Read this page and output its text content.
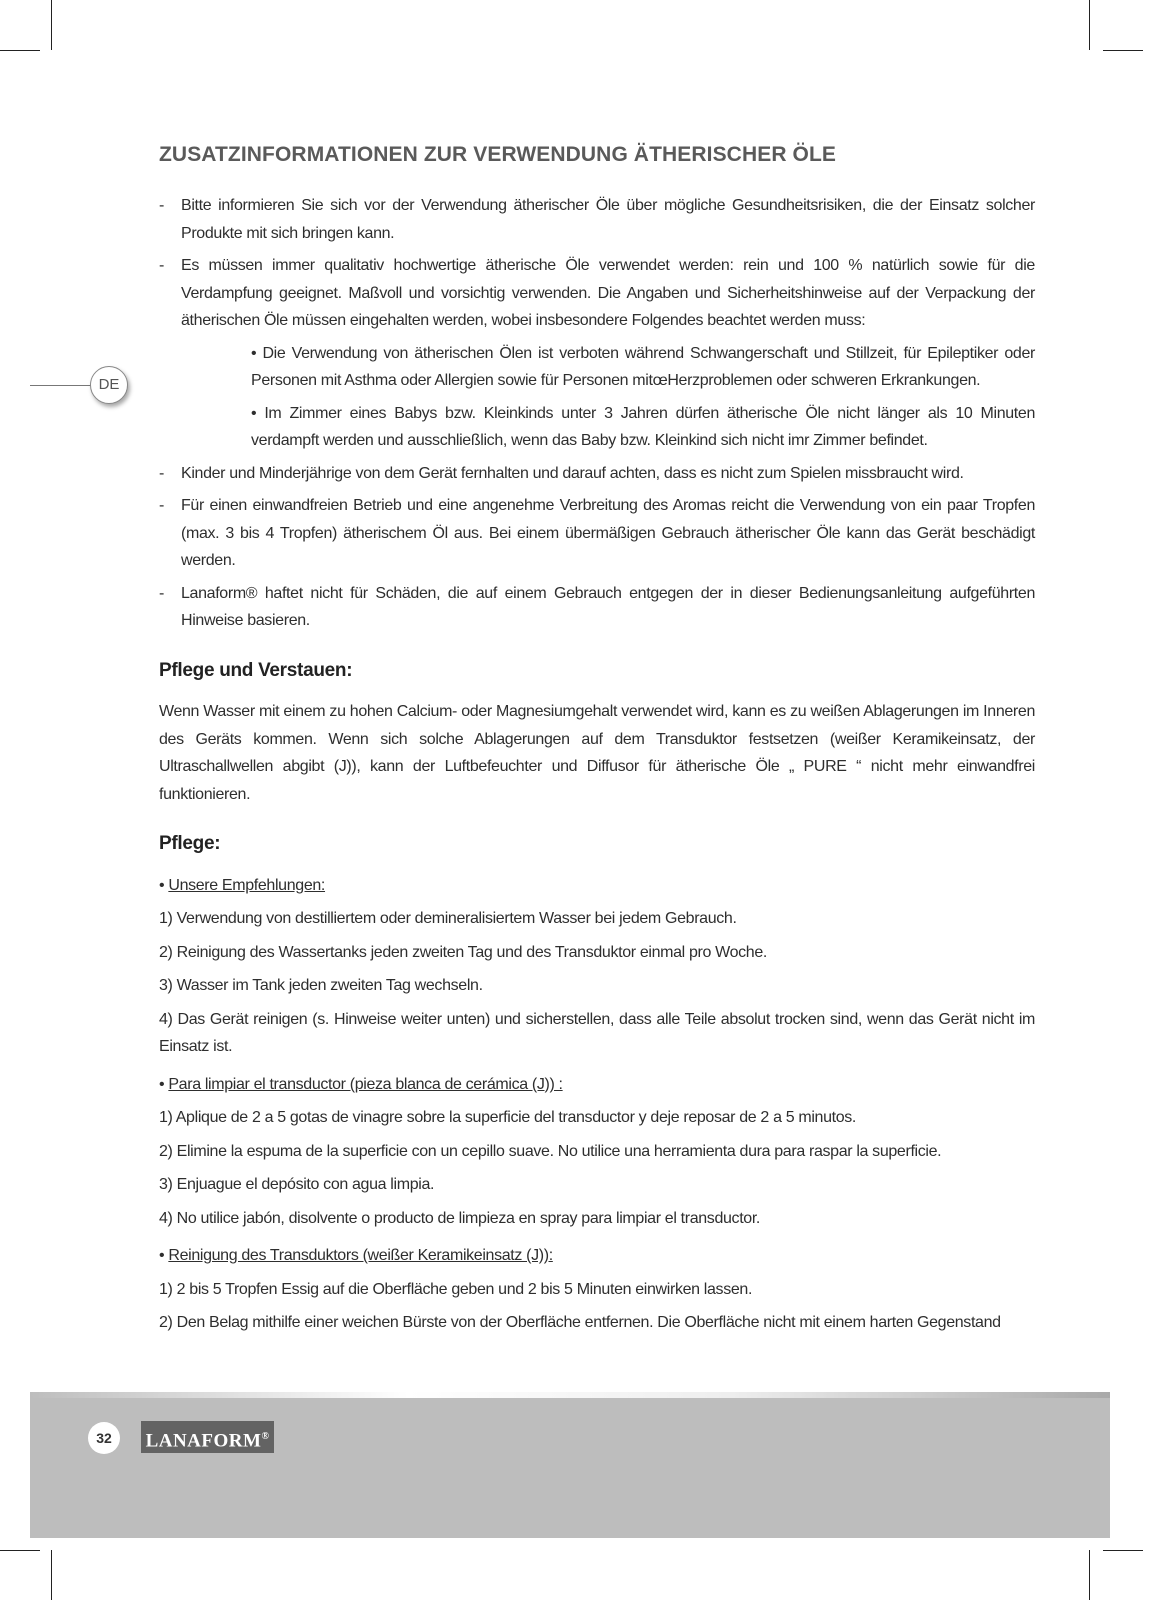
DE
ZUSATZINFORMATIONEN ZUR VERWENDUNG ÄTHERISCHER ÖLE
- Bitte informieren Sie sich vor der Verwendung ätherischer Öle über mögliche Gesundheitsrisiken, die der Einsatz solcher Produkte mit sich bringen kann.
- Es müssen immer qualitativ hochwertige ätherische Öle verwendet werden: rein und 100 % natürlich sowie für die Verdampfung geeignet. Maßvoll und vorsichtig verwenden. Die Angaben und Sicherheitshinweise auf der Verpackung der ätherischen Öle müssen eingehalten werden, wobei insbesondere Folgendes beachtet werden muss:
• Die Verwendung von ätherischen Ölen ist verboten während Schwangerschaft und Stillzeit, für Epileptiker oder Personen mit Asthma oder Allergien sowie für Personen mitœHerzproblemen oder schweren Erkrankungen.
• Im Zimmer eines Babys bzw. Kleinkinds unter 3 Jahren dürfen ätherische Öle nicht länger als 10 Minuten verdampft werden und ausschließlich, wenn das Baby bzw. Kleinkind sich nicht imr Zimmer befindet.
- Kinder und Minderjährige von dem Gerät fernhalten und darauf achten, dass es nicht zum Spielen missbraucht wird.
- Für einen einwandfreien Betrieb und eine angenehme Verbreitung des Aromas reicht die Verwendung von ein paar Tropfen (max. 3 bis 4 Tropfen) ätherischem Öl aus. Bei einem übermäßigen Gebrauch ätherischer Öle kann das Gerät beschädigt werden.
- Lanaform® haftet nicht für Schäden, die auf einem Gebrauch entgegen der in dieser Bedienungsanleitung aufgeführten Hinweise basieren.
Pflege und Verstauen:

Wenn Wasser mit einem zu hohen Calcium- oder Magnesiumgehalt verwendet wird, kann es zu weißen Ablagerungen im Inneren des Geräts kommen. Wenn sich solche Ablagerungen auf dem Transduktor festsetzen (weißer Keramikeinsatz, der Ultraschallwellen abgibt (J)), kann der Luftbefeuchter und Diffusor für ätherische Öle „ PURE “ nicht mehr einwandfrei funktionieren.

Pflege:

• Unsere Empfehlungen:

1) Verwendung von destilliertem oder demineralisiertem Wasser bei jedem Gebrauch.

2) Reinigung des Wassertanks jeden zweiten Tag und des Transduktor einmal pro Woche.

3) Wasser im Tank jeden zweiten Tag wechseln.

4) Das Gerät reinigen (s. Hinweise weiter unten) und sicherstellen, dass alle Teile absolut trocken sind, wenn das Gerät nicht im Einsatz ist.

• Para limpiar el transductor (pieza blanca de cerámica (J)) :

1) Aplique de 2 a 5 gotas de vinagre sobre la superficie del transductor y deje reposar de 2 a 5 minutos.

2) Elimine la espuma de la superficie con un cepillo suave. No utilice una herramienta dura para raspar la superficie.

3) Enjuague el depósito con agua limpia.

4) No utilice jabón, disolvente o producto de limpieza en spray para limpiar el transductor.

• Reinigung des Transduktors (weißer Keramikeinsatz (J)):

1) 2 bis 5 Tropfen Essig auf die Oberfläche geben und 2 bis 5 Minuten einwirken lassen.

2) Den Belag mithilfe einer weichen Bürste von der Oberfläche entfernen. Die Oberfläche nicht mit einem harten Gegenstand

32	LANAFORM®
